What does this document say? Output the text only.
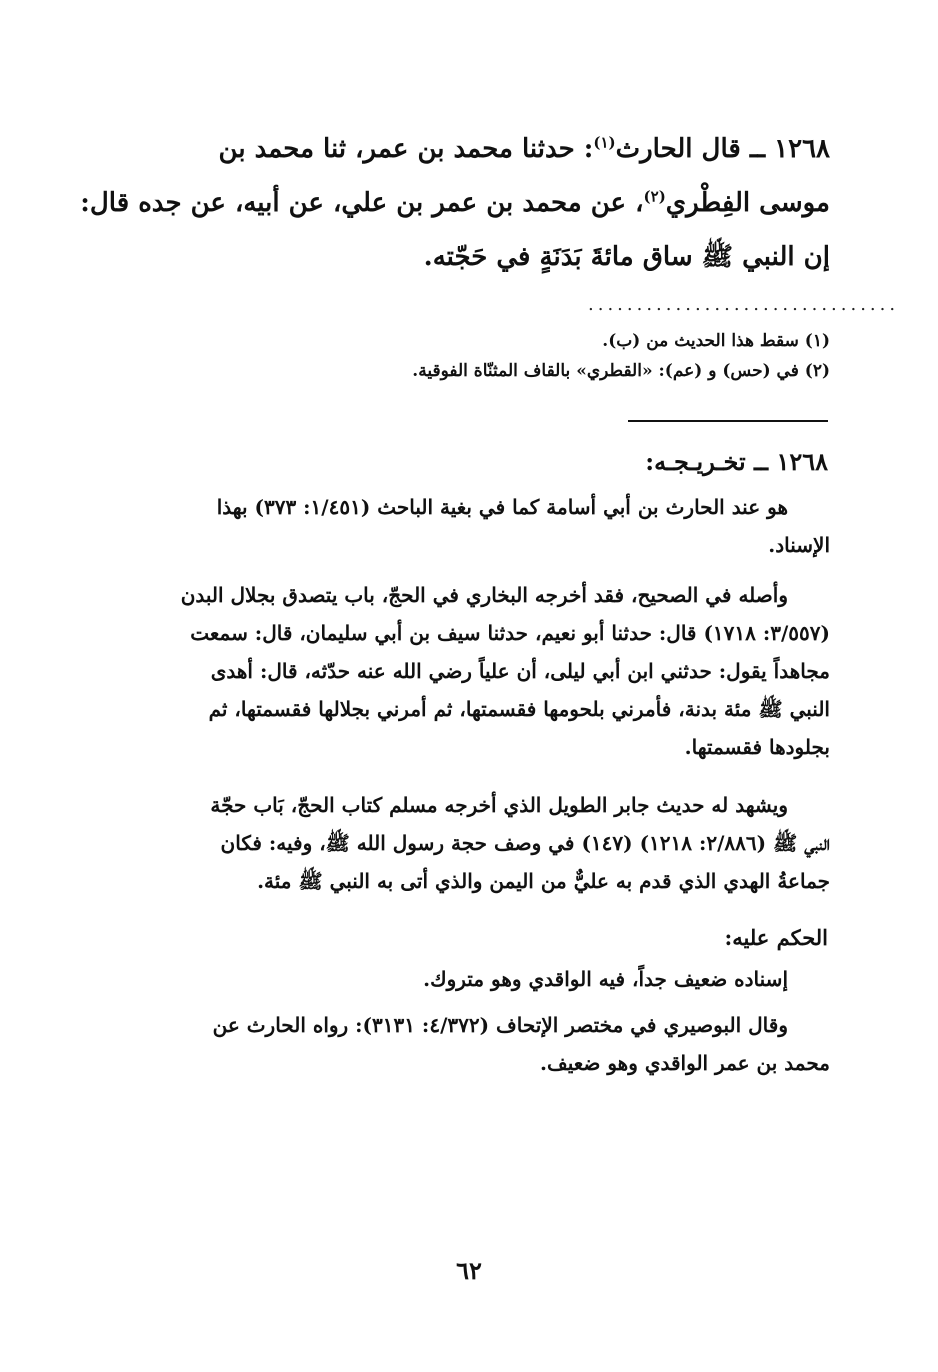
١٢٦٨ ــ قال الحارث$^{(١)}$: حدثنا محمد بن عمر، ثنا محمد بن
موسى الفِطْري$^{(٢)}$، عن محمد بن عمر بن علي، عن أبيه، عن جده قال:
إن النبي ﷺ ساق مائةَ بَدَنَةٍ في حَجّته.
................................
(١) سقط هذا الحديث من (ب).
(٢) في (حس) و (عم): «القطري» بالقاف المثنّاة الفوقية.
١٢٦٨ ــ تخـريـجـه:
هو عند الحارث بن أبي أسامة كما في بغية الباحث (١/٤٥١: ٣٧٣) بهذا
الإسناد.
وأصله في الصحيح، فقد أخرجه البخاري في الحجّ، باب يتصدق بجلال البدن
(٣/٥٥٧: ١٧١٨) قال: حدثنا أبو نعيم، حدثنا سيف بن أبي سليمان، قال: سمعت
مجاهداً يقول: حدثني ابن أبي ليلى، أن علياً رضي الله عنه حدّثه، قال: أهدى
النبي ﷺ مئة بدنة، فأمرني بلحومها فقسمتها، ثم أمرني بجلالها فقسمتها، ثم
بجلودها فقسمتها.
ويشهد له حديث جابر الطويل الذي أخرجه مسلم كتاب الحجّ، بَاب حجّة
النبي ﷺ (٢/٨٨٦: ١٢١٨) (١٤٧) في وصف حجة رسول الله ﷺ، وفيه: فكان
جماعةُ الهدي الذي قدم به عليٌّ من اليمن والذي أتى به النبي ﷺ مئة.
الحكم عليه:
إسناده ضعيف جداً، فيه الواقدي وهو متروك.
وقال البوصيري في مختصر الإتحاف (٤/٣٧٢: ٣١٣١): رواه الحارث عن
محمد بن عمر الواقدي وهو ضعيف.
٦٢
